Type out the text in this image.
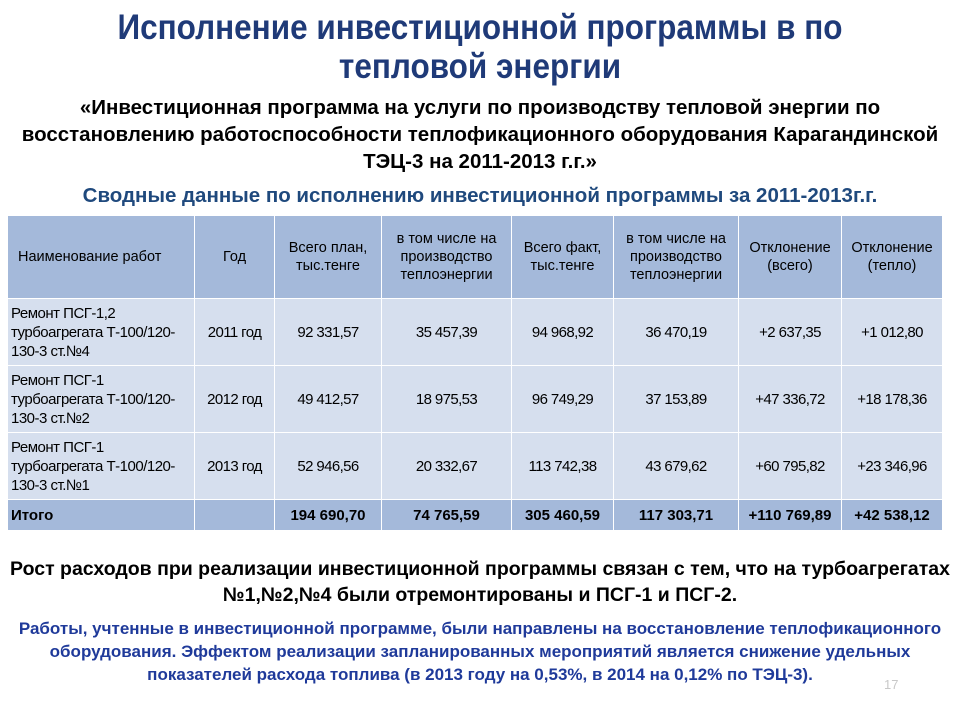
Исполнение инвестиционной программы в по тепловой энергии
«Инвестиционная программа на услуги по производству тепловой энергии по восстановлению работоспособности теплофикационного оборудования Карагандинской ТЭЦ-3 на 2011-2013 г.г.»
Сводные данные по исполнению инвестиционной программы за 2011-2013г.г.
Наименование работ	Год	Всего план, тыс.тенге	в том числе на производство теплоэнергии	Всего факт, тыс.тенге	в том числе на производство теплоэнергии	Отклонение (всего)	Отклонение (тепло)
Ремонт ПСГ-1,2 турбоагрегата Т-100/120-130-3 ст.№4	2011 год	92 331,57	35 457,39	94 968,92	36 470,19	+2 637,35	+1 012,80
Ремонт ПСГ-1 турбоагрегата Т-100/120-130-3 ст.№2	2012 год	49 412,57	18 975,53	96 749,29	37 153,89	+47 336,72	+18 178,36
Ремонт ПСГ-1 турбоагрегата Т-100/120-130-3 ст.№1	2013 год	52 946,56	20 332,67	113 742,38	43 679,62	+60 795,82	+23 346,96
Итого		194 690,70	74 765,59	305 460,59	117 303,71	+110 769,89	+42 538,12
Рост расходов при реализации инвестиционной программы связан с тем, что на турбоагрегатах №1,№2,№4 были отремонтированы и ПСГ-1 и ПСГ-2.
Работы, учтенные в инвестиционной программе, были направлены на восстановление теплофикационного оборудования. Эффектом реализации запланированных мероприятий является снижение удельных показателей расхода топлива (в 2013 году на 0,53%, в 2014 на 0,12% по ТЭЦ-3).
17
